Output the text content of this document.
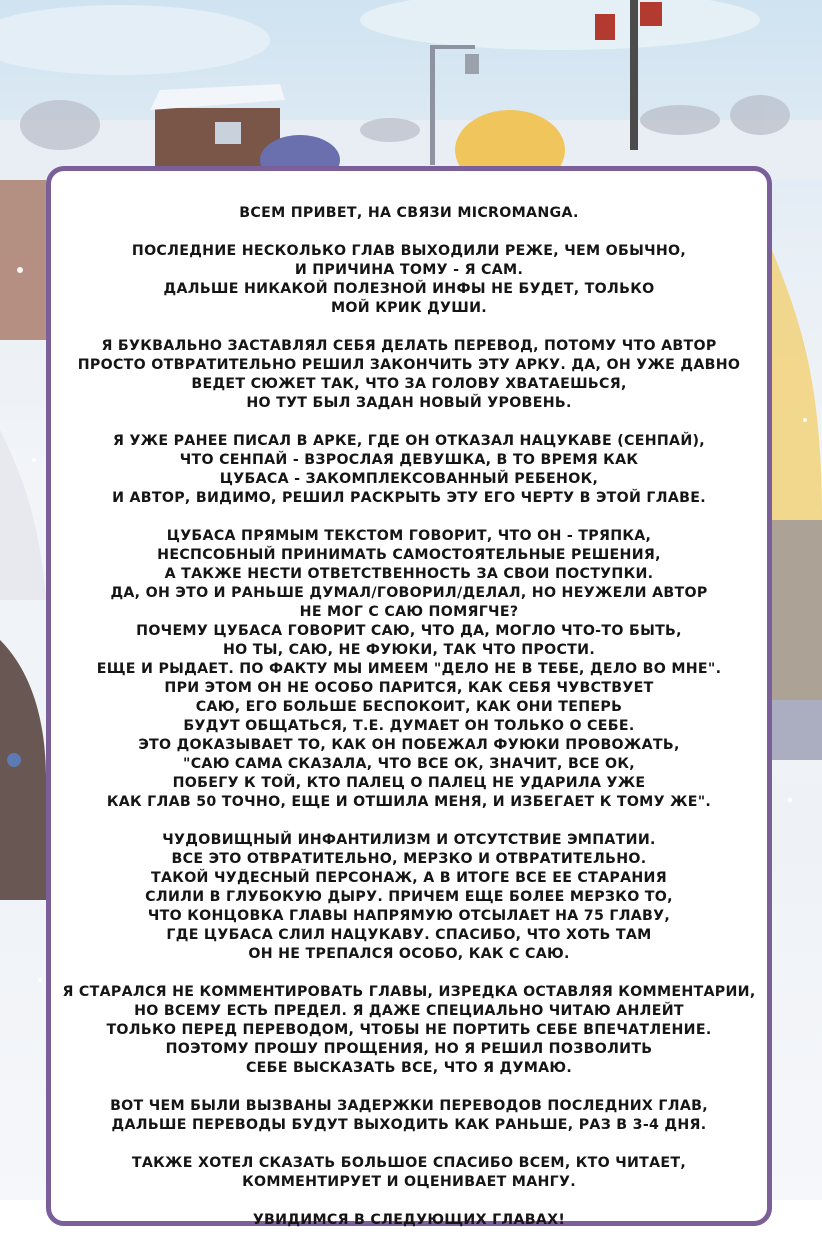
ВСЕМ ПРИВЕТ, НА СВЯЗИ MICROMANGA.
ПОСЛЕДНИЕ НЕСКОЛЬКО ГЛАВ ВЫХОДИЛИ РЕЖЕ, ЧЕМ ОБЫЧНО,
И ПРИЧИНА ТОМУ - Я САМ.
ДАЛЬШЕ НИКАКОЙ ПОЛЕЗНОЙ ИНФЫ НЕ БУДЕТ, ТОЛЬКО
МОЙ КРИК ДУШИ.
Я БУКВАЛЬНО ЗАСТАВЛЯЛ СЕБЯ ДЕЛАТЬ ПЕРЕВОД, ПОТОМУ ЧТО АВТОР
ПРОСТО ОТВРАТИТЕЛЬНО РЕШИЛ ЗАКОНЧИТЬ ЭТУ АРКУ. ДА, ОН УЖЕ ДАВНО
ВЕДЕТ СЮЖЕТ ТАК, ЧТО ЗА ГОЛОВУ ХВАТАЕШЬСЯ,
НО ТУТ БЫЛ ЗАДАН НОВЫЙ УРОВЕНЬ.
Я УЖЕ РАНЕЕ ПИСАЛ В АРКЕ, ГДЕ ОН ОТКАЗАЛ НАЦУКАВЕ (СЕНПАЙ),
ЧТО СЕНПАЙ - ВЗРОСЛАЯ ДЕВУШКА, В ТО ВРЕМЯ КАК
ЦУБАСА - ЗАКОМПЛЕКСОВАННЫЙ РЕБЕНОК,
И АВТОР, ВИДИМО, РЕШИЛ РАСКРЫТЬ ЭТУ ЕГО ЧЕРТУ В ЭТОЙ ГЛАВЕ.
ЦУБАСА ПРЯМЫМ ТЕКСТОМ ГОВОРИТ, ЧТО ОН - ТРЯПКА,
НЕСПСОБНЫЙ ПРИНИМАТЬ САМОСТОЯТЕЛЬНЫЕ РЕШЕНИЯ,
А ТАКЖЕ НЕСТИ ОТВЕТСТВЕННОСТЬ ЗА СВОИ ПОСТУПКИ.
ДА, ОН ЭТО И РАНЬШЕ ДУМАЛ/ГОВОРИЛ/ДЕЛАЛ, НО НЕУЖЕЛИ АВТОР
НЕ МОГ С САЮ ПОМЯГЧЕ?
ПОЧЕМУ ЦУБАСА ГОВОРИТ САЮ, ЧТО ДА, МОГЛО ЧТО-ТО БЫТЬ,
НО ТЫ, САЮ, НЕ ФУЮКИ, ТАК ЧТО ПРОСТИ.
ЕЩЕ И РЫДАЕТ. ПО ФАКТУ МЫ ИМЕЕМ "ДЕЛО НЕ В ТЕБЕ, ДЕЛО ВО МНЕ".
ПРИ ЭТОМ ОН НЕ ОСОБО ПАРИТСЯ, КАК СЕБЯ ЧУВСТВУЕТ
САЮ, ЕГО БОЛЬШЕ БЕСПОКОИТ, КАК ОНИ ТЕПЕРЬ
БУДУТ ОБЩАТЬСЯ, Т.Е. ДУМАЕТ ОН ТОЛЬКО О СЕБЕ.
ЭТО ДОКАЗЫВАЕТ ТО, КАК ОН ПОБЕЖАЛ ФУЮКИ ПРОВОЖАТЬ,
"САЮ САМА СКАЗАЛА, ЧТО ВСЕ ОК, ЗНАЧИТ, ВСЕ ОК,
ПОБЕГУ К ТОЙ, КТО ПАЛЕЦ О ПАЛЕЦ НЕ УДАРИЛА УЖЕ
КАК ГЛАВ 50 ТОЧНО, ЕЩЕ И ОТШИЛА МЕНЯ, И ИЗБЕГАЕТ К ТОМУ ЖЕ".
ЧУДОВИЩНЫЙ ИНФАНТИЛИЗМ И ОТСУТСТВИЕ ЭМПАТИИ.
ВСЕ ЭТО ОТВРАТИТЕЛЬНО, МЕРЗКО И ОТВРАТИТЕЛЬНО.
ТАКОЙ ЧУДЕСНЫЙ ПЕРСОНАЖ, А В ИТОГЕ ВСЕ ЕЕ СТАРАНИЯ
СЛИЛИ В ГЛУБОКУЮ ДЫРУ. ПРИЧЕМ ЕЩЕ БОЛЕЕ МЕРЗКО ТО,
ЧТО КОНЦОВКА ГЛАВЫ НАПРЯМУЮ ОТСЫЛАЕТ НА 75 ГЛАВУ,
ГДЕ ЦУБАСА СЛИЛ НАЦУКАВУ. СПАСИБО, ЧТО ХОТЬ ТАМ
ОН НЕ ТРЕПАЛСЯ ОСОБО, КАК С САЮ.
Я СТАРАЛСЯ НЕ КОММЕНТИРОВАТЬ ГЛАВЫ, ИЗРЕДКА ОСТАВЛЯЯ КОММЕНТАРИИ,
НО ВСЕМУ ЕСТЬ ПРЕДЕЛ. Я ДАЖЕ СПЕЦИАЛЬНО ЧИТАЮ АНЛЕЙТ
ТОЛЬКО ПЕРЕД ПЕРЕВОДОМ, ЧТОБЫ НЕ ПОРТИТЬ СЕБЕ ВПЕЧАТЛЕНИЕ.
ПОЭТОМУ ПРОШУ ПРОЩЕНИЯ, НО Я РЕШИЛ ПОЗВОЛИТЬ
СЕБЕ ВЫСКАЗАТЬ ВСЕ, ЧТО Я ДУМАЮ.
ВОТ ЧЕМ БЫЛИ ВЫЗВАНЫ ЗАДЕРЖКИ ПЕРЕВОДОВ ПОСЛЕДНИХ ГЛАВ,
ДАЛЬШЕ ПЕРЕВОДЫ БУДУТ ВЫХОДИТЬ КАК РАНЬШЕ, РАЗ В 3-4 ДНЯ.
ТАКЖЕ ХОТЕЛ СКАЗАТЬ БОЛЬШОЕ СПАСИБО ВСЕМ, КТО ЧИТАЕТ,
КОММЕНТИРУЕТ И ОЦЕНИВАЕТ МАНГУ.
УВИДИМСЯ В СЛЕДУЮЩИХ ГЛАВАХ!
